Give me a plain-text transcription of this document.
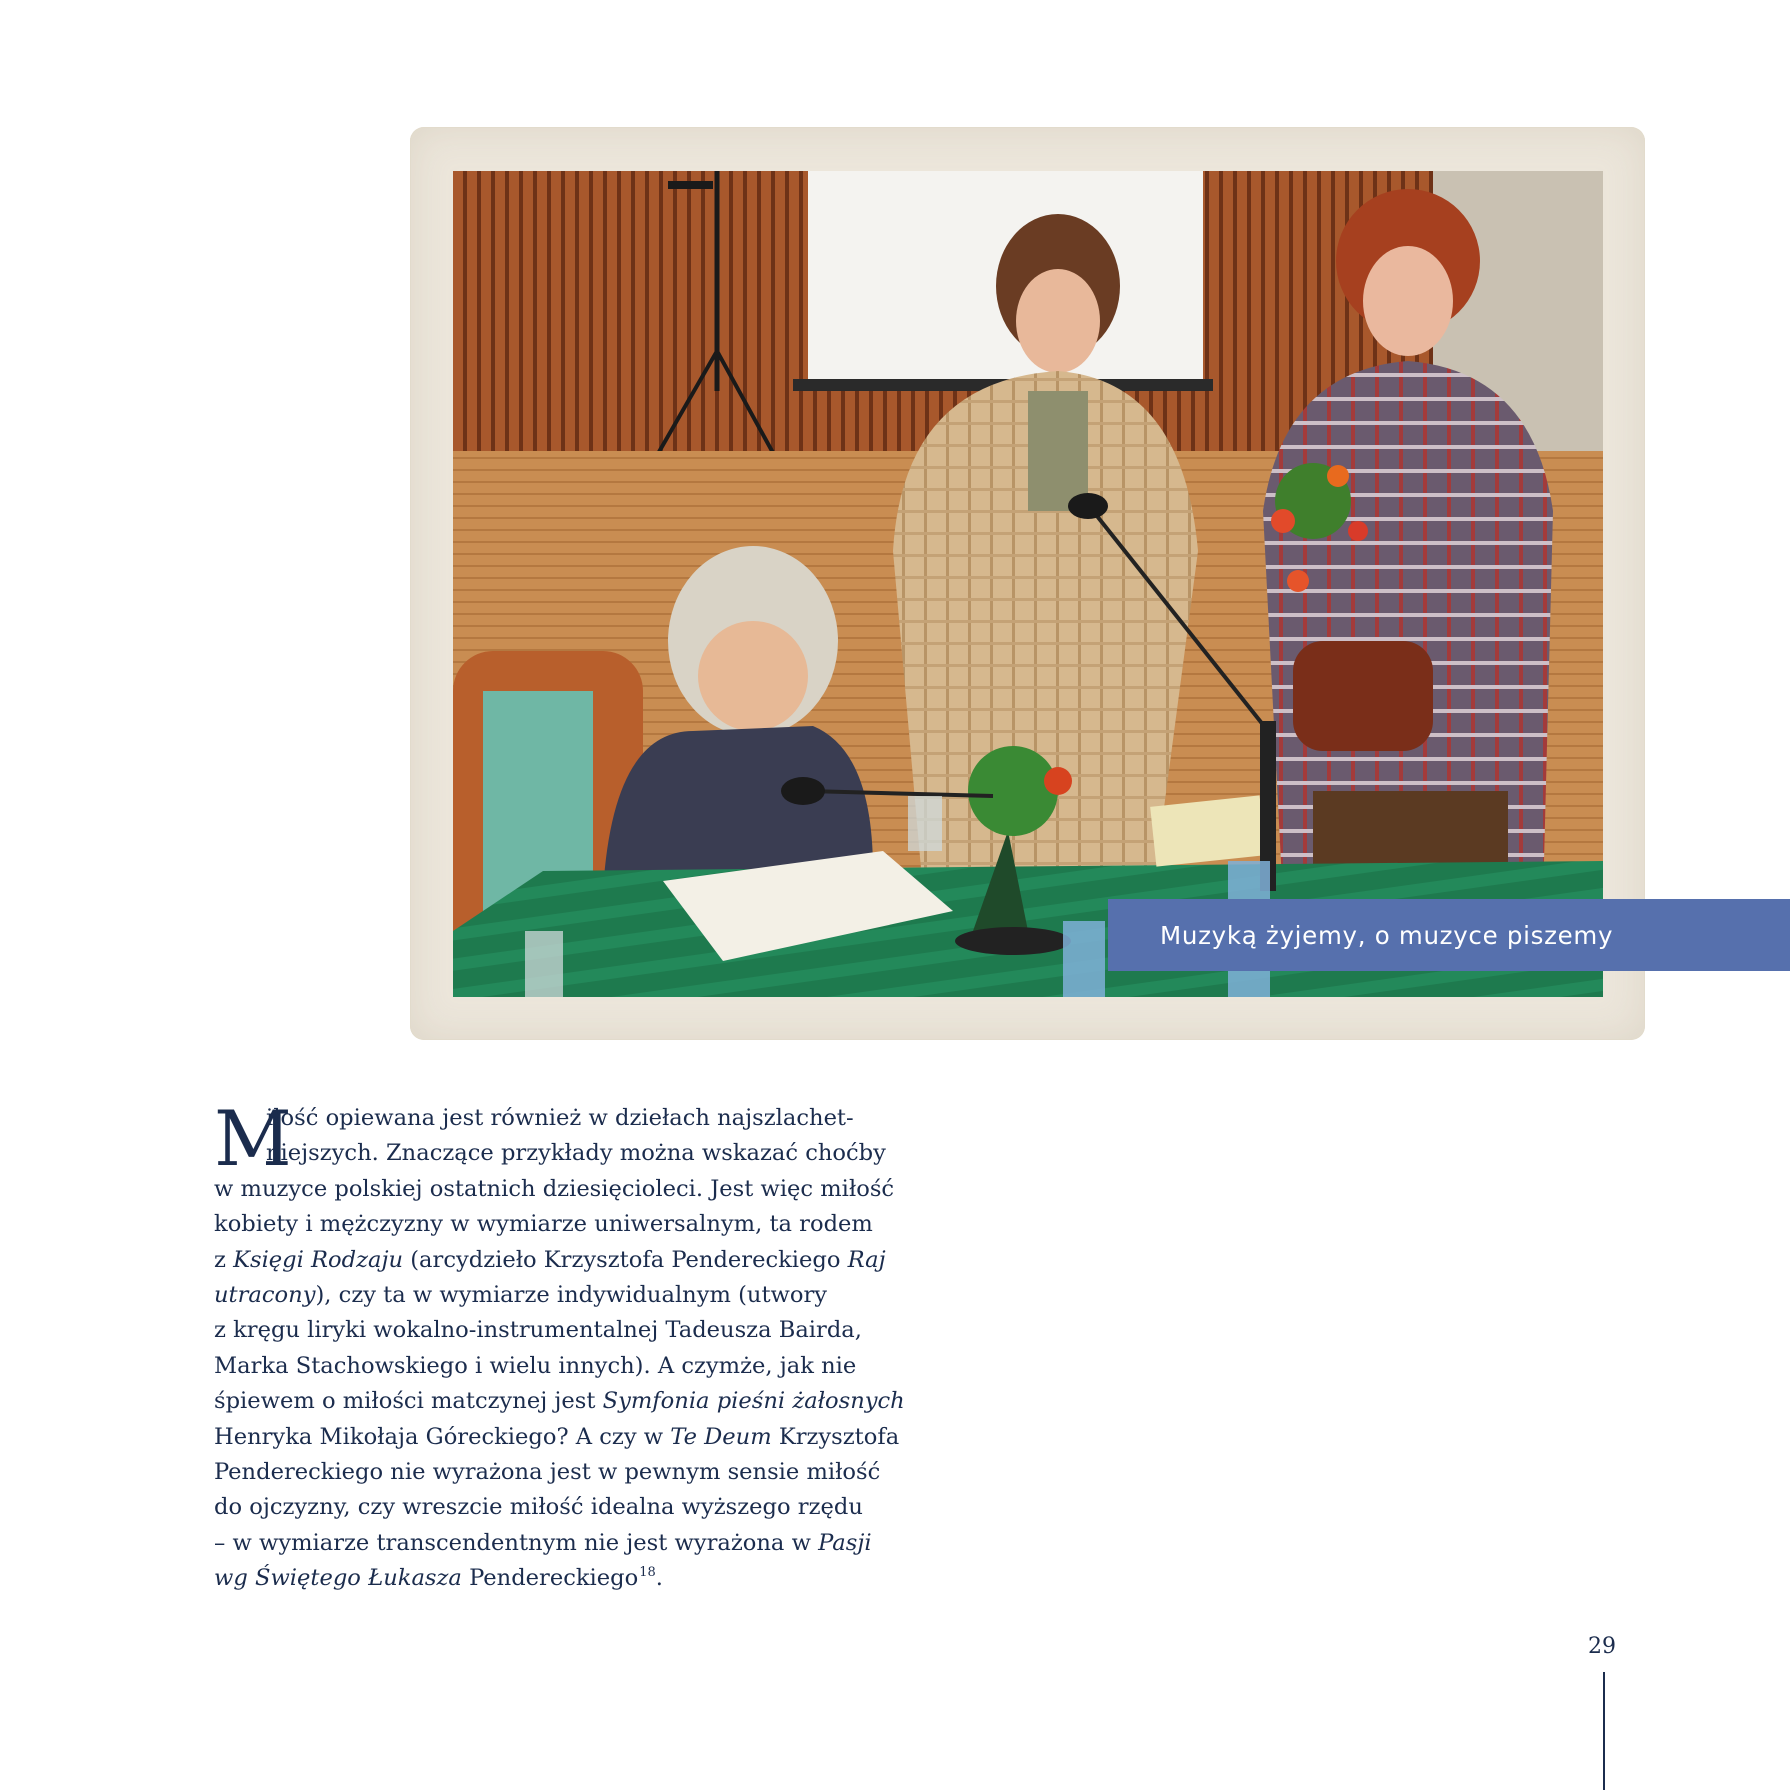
Muzyką żyjemy, o muzyce piszemy
M
iłość opiewana jest również w dziełach najszlachet-
niejszych. Znaczące przykłady można wskazać choćby
w muzyce polskiej ostatnich dziesięcioleci. Jest więc miłość
kobiety i mężczyzny w wymiarze uniwersalnym, ta rodem
z Księgi Rodzaju (arcydzieło Krzysztofa Pendereckiego Raj
utracony), czy ta w wymiarze indywidualnym (utwory
z kręgu liryki wokalno-instrumentalnej Tadeusza Bairda,
Marka Stachowskiego i wielu innych). A czymże, jak nie
śpiewem o miłości matczynej jest Symfonia pieśni żałosnych
Henryka Mikołaja Góreckiego? A czy w Te Deum Krzysztofa
Pendereckiego nie wyrażona jest w pewnym sensie miłość
do ojczyzny, czy wreszcie miłość idealna wyższego rzędu
– w wymiarze transcendentnym nie jest wyrażona w Pasji
wg Świętego Łukasza Pendereckiego$^{18}$.
29
